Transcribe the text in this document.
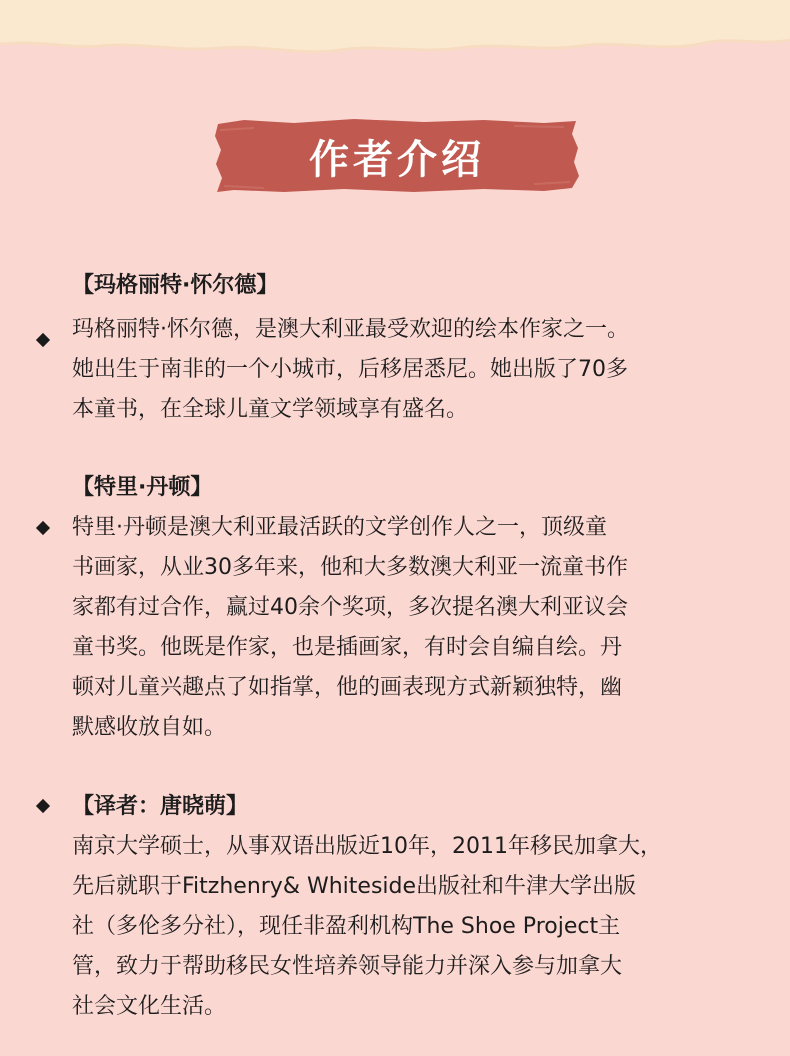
作者介绍
【玛格丽特·怀尔德】
玛格丽特·怀尔德，是澳大利亚最受欢迎的绘本作家之一。
她出生于南非的一个小城市，后移居悉尼。她出版了70多
本童书，在全球儿童文学领域享有盛名。
【特里·丹顿】
特里·丹顿是澳大利亚最活跃的文学创作人之一，顶级童
书画家，从业30多年来，他和大多数澳大利亚一流童书作
家都有过合作，赢过40余个奖项，多次提名澳大利亚议会
童书奖。他既是作家，也是插画家，有时会自编自绘。丹
顿对儿童兴趣点了如指掌，他的画表现方式新颖独特，幽
默感收放自如。
【译者：唐晓萌】
南京大学硕士，从事双语出版近10年，2011年移民加拿大，
先后就职于Fitzhenry& Whiteside出版社和牛津大学出版
社（多伦多分社），现任非盈利机构The Shoe Project主
管，致力于帮助移民女性培养领导能力并深入参与加拿大
社会文化生活。
